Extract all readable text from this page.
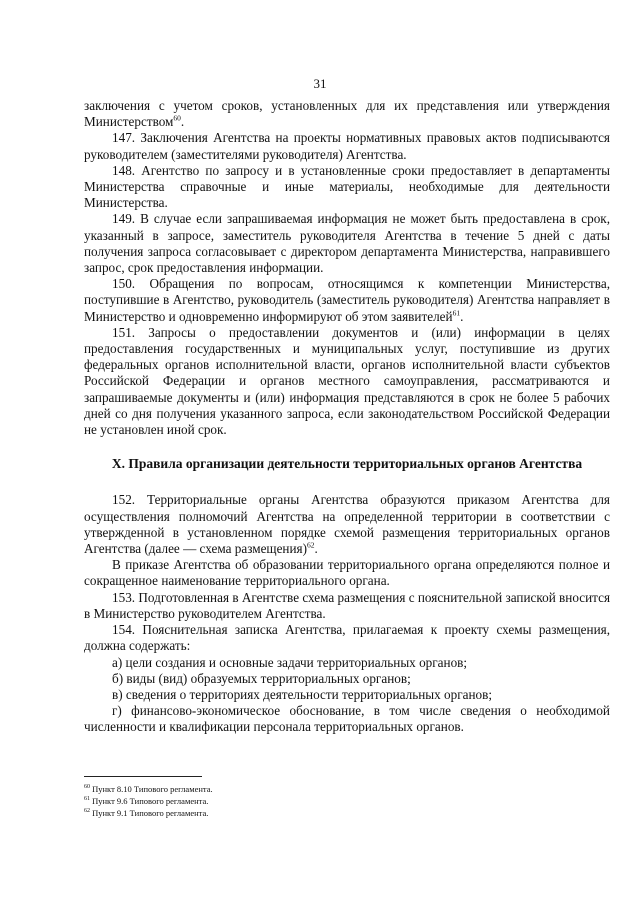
31

заключения с учетом сроков, установленных для их представления или утверждения Министерством$^{60}$.

147. Заключения Агентства на проекты нормативных правовых актов подписываются руководителем (заместителями руководителя) Агентства.

148. Агентство по запросу и в установленные сроки предоставляет в департаменты Министерства справочные и иные материалы, необходимые для деятельности Министерства.

149. В случае если запрашиваемая информация не может быть предоставлена в срок, указанный в запросе, заместитель руководителя Агентства в течение 5 дней с даты получения запроса согласовывает с директором департамента Министерства, направившего запрос, срок предоставления информации.

150. Обращения по вопросам, относящимся к компетенции Министерства, поступившие в Агентство, руководитель (заместитель руководителя) Агентства направляет в Министерство и одновременно информируют об этом заявителей$^{61}$.

151. Запросы о предоставлении документов и (или) информации в целях предоставления государственных и муниципальных услуг, поступившие из других федеральных органов исполнительной власти, органов исполнительной власти субъектов Российской Федерации и органов местного самоуправления, рассматриваются и запрашиваемые документы и (или) информация представляются в срок не более 5 рабочих дней со дня получения указанного запроса, если законодательством Российской Федерации не установлен иной срок.

X. Правила организации деятельности территориальных органов Агентства

152. Территориальные органы Агентства образуются приказом Агентства для осуществления полномочий Агентства на определенной территории в соответствии с утвержденной в установленном порядке схемой размещения территориальных органов Агентства (далее — схема размещения)$^{62}$.

В приказе Агентства об образовании территориального органа определяются полное и сокращенное наименование территориального органа.

153. Подготовленная в Агентстве схема размещения с пояснительной запиской вносится в Министерство руководителем Агентства.

154. Пояснительная записка Агентства, прилагаемая к проекту схемы размещения, должна содержать:

а) цели создания и основные задачи территориальных органов;

б) виды (вид) образуемых территориальных органов;

в) сведения о территориях деятельности территориальных органов;

г) финансово-экономическое обоснование, в том числе сведения о необходимой численности и квалификации персонала территориальных органов.

$^{60}$ Пункт 8.10 Типового регламента.

$^{61}$ Пункт 9.6 Типового регламента.

$^{62}$ Пункт 9.1 Типового регламента.
